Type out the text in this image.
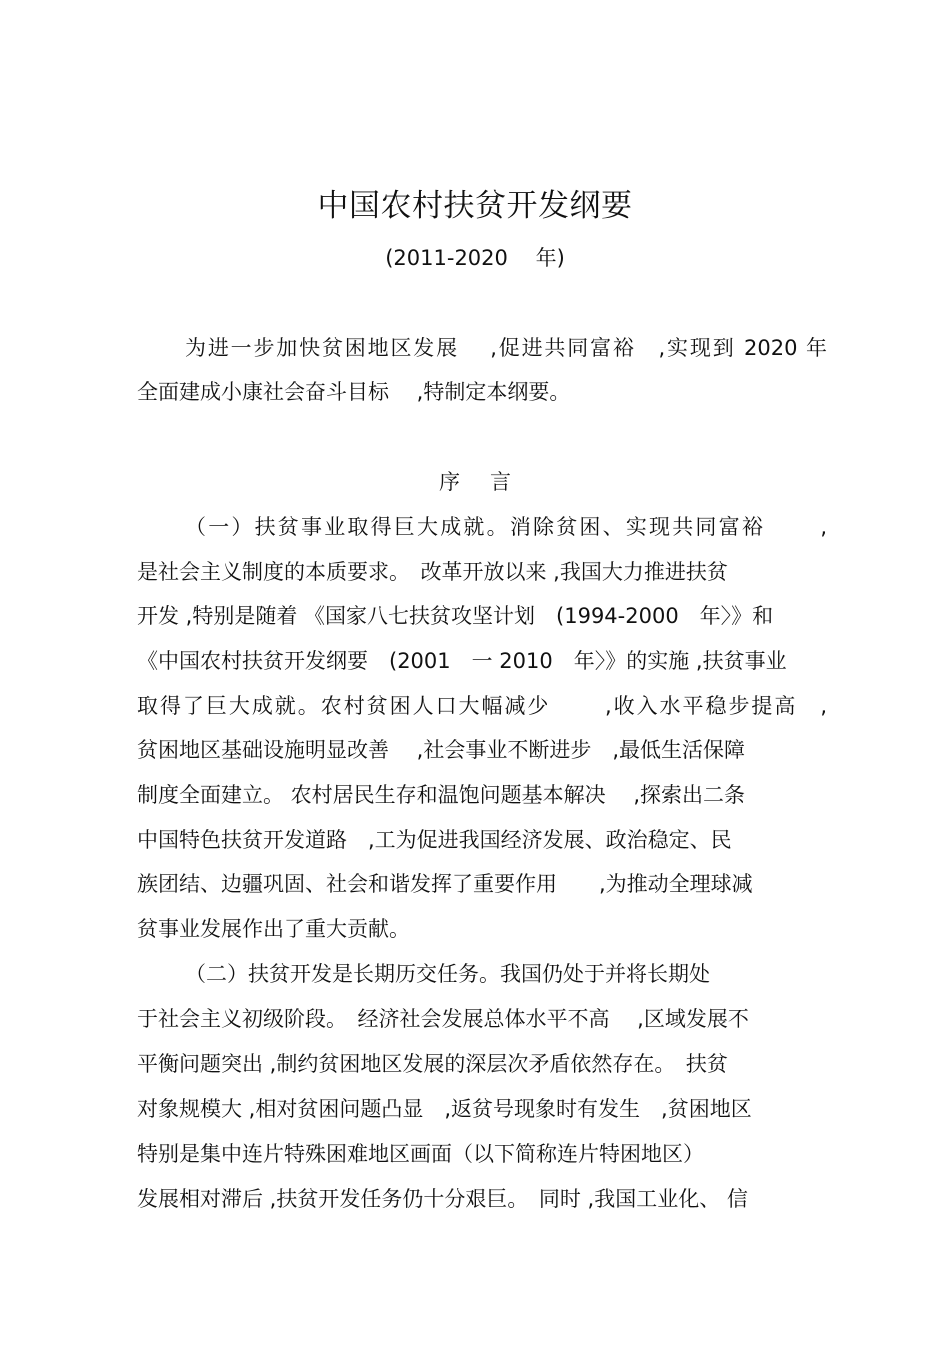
中国农村扶贫开发纲要
(2011-2020　 年)
为进一步加快贫困地区发展　 ,促进共同富裕　,实现到 2020 年
全面建成小康社会奋斗目标　 ,特制定本纲要。
序言
（一）扶贫事业取得巨大成就。消除贫困、实现共同富裕　　 ,
是社会主义制度的本质要求。　改革开放以来 ,我国大力推进扶贫
开发 ,特别是随着 《国家八七扶贫攻坚计划　(1994-2000　年〉》和
《中国农村扶贫开发纲要　(2001　一 2010　年〉》的实施 ,扶贫事业
取得了巨大成就。农村贫困人口大幅减少　　 ,收入水平稳步提高　,
贫困地区基础设施明显改善　 ,社会事业不断进步　,最低生活保障
制度全面建立。 农村居民生存和温饱问题基本解决　 ,探索出二条
中国特色扶贫开发道路　,工为促进我国经济发展、政治稳定、民
族团结、边疆巩固、社会和谐发挥了重要作用　　,为推动全理球减
贫事业发展作出了重大贡献。
（二）扶贫开发是长期历交任务。我国仍处于并将长期处
于社会主义初级阶段。　经济社会发展总体水平不高　 ,区域发展不
平衡问题突出 ,制约贫困地区发展的深层次矛盾依然存在。　扶贫
对象规模大 ,相对贫困问题凸显　,返贫号现象时有发生　,贫困地区
特别是集中连片特殊困难地区画面（以下简称连片特困地区）
发展相对滞后 ,扶贫开发任务仍十分艰巨。　同时 ,我国工业化、 信
